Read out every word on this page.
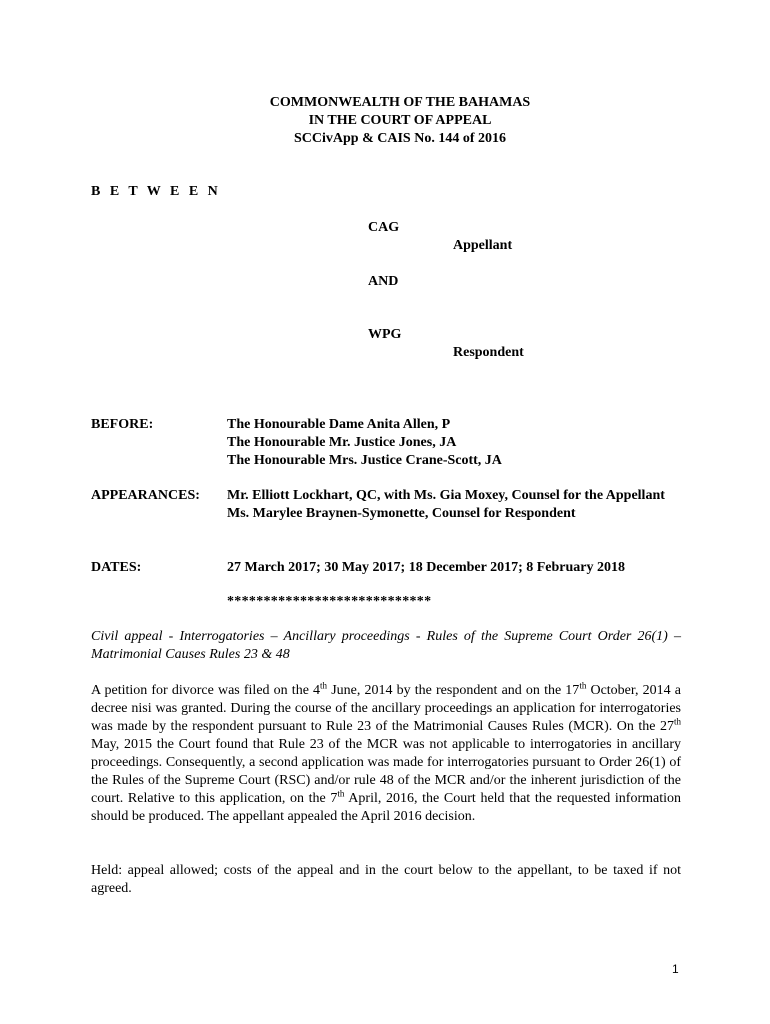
COMMONWEALTH OF THE BAHAMAS
IN THE COURT OF APPEAL
SCCivApp & CAIS No. 144 of 2016
B E T W E E N
CAG
Appellant
AND
WPG
Respondent
BEFORE:	The Honourable Dame Anita Allen, P
The Honourable Mr. Justice Jones, JA
The Honourable Mrs. Justice Crane-Scott, JA
APPEARANCES: Mr. Elliott Lockhart, QC, with Ms. Gia Moxey, Counsel for the Appellant
Ms. Marylee Braynen-Symonette, Counsel for Respondent
DATES:	27 March 2017; 30 May 2017; 18 December 2017; 8 February 2018
****************************
Civil appeal - Interrogatories – Ancillary proceedings - Rules of the Supreme Court Order 26(1) – Matrimonial Causes Rules 23 & 48
A petition for divorce was filed on the 4th June, 2014 by the respondent and on the 17th October, 2014 a decree nisi was granted. During the course of the ancillary proceedings an application for interrogatories was made by the respondent pursuant to Rule 23 of the Matrimonial Causes Rules (MCR). On the 27th May, 2015 the Court found that Rule 23 of the MCR was not applicable to interrogatories in ancillary proceedings. Consequently, a second application was made for interrogatories pursuant to Order 26(1) of the Rules of the Supreme Court (RSC) and/or rule 48 of the MCR and/or the inherent jurisdiction of the court. Relative to this application, on the 7th April, 2016, the Court held that the requested information should be produced. The appellant appealed the April 2016 decision.
Held: appeal allowed; costs of the appeal and in the court below to the appellant, to be taxed if not agreed.
1
